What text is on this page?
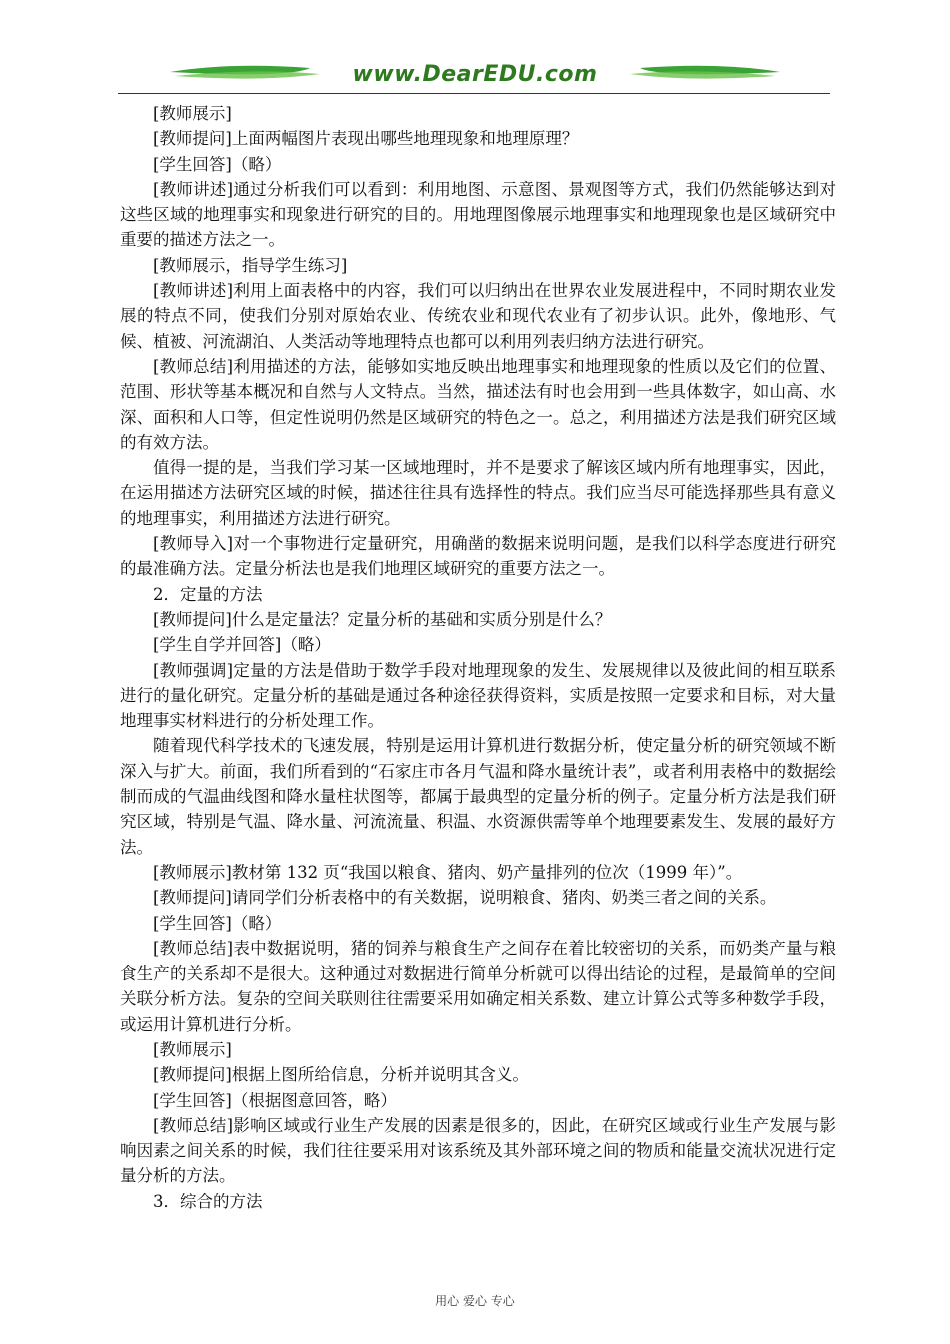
www.DearEDU.com

[教师展示]

[教师提问]上面两幅图片表现出哪些地理现象和地理原理？

[学生回答]（略）

[教师讲述]通过分析我们可以看到：利用地图、示意图、景观图等方式，我们仍然能够达到对这些区域的地理事实和现象进行研究的目的。用地理图像展示地理事实和地理现象也是区域研究中重要的描述方法之一。

[教师展示，指导学生练习]

[教师讲述]利用上面表格中的内容，我们可以归纳出在世界农业发展进程中，不同时期农业发展的特点不同，使我们分别对原始农业、传统农业和现代农业有了初步认识。此外，像地形、气候、植被、河流湖泊、人类活动等地理特点也都可以利用列表归纳方法进行研究。

[教师总结]利用描述的方法，能够如实地反映出地理事实和地理现象的性质以及它们的位置、范围、形状等基本概况和自然与人文特点。当然，描述法有时也会用到一些具体数字，如山高、水深、面积和人口等，但定性说明仍然是区域研究的特色之一。总之，利用描述方法是我们研究区域的有效方法。

值得一提的是，当我们学习某一区域地理时，并不是要求了解该区域内所有地理事实，因此，在运用描述方法研究区域的时候，描述往往具有选择性的特点。我们应当尽可能选择那些具有意义的地理事实，利用描述方法进行研究。

[教师导入]对一个事物进行定量研究，用确凿的数据来说明问题，是我们以科学态度进行研究的最准确方法。定量分析法也是我们地理区域研究的重要方法之一。

2．定量的方法

[教师提问]什么是定量法？定量分析的基础和实质分别是什么？

[学生自学并回答]（略）

[教师强调]定量的方法是借助于数学手段对地理现象的发生、发展规律以及彼此间的相互联系进行的量化研究。定量分析的基础是通过各种途径获得资料，实质是按照一定要求和目标，对大量地理事实材料进行的分析处理工作。

随着现代科学技术的飞速发展，特别是运用计算机进行数据分析，使定量分析的研究领域不断深入与扩大。前面，我们所看到的“石家庄市各月气温和降水量统计表”，或者利用表格中的数据绘制而成的气温曲线图和降水量柱状图等，都属于最典型的定量分析的例子。定量分析方法是我们研究区域，特别是气温、降水量、河流流量、积温、水资源供需等单个地理要素发生、发展的最好方法。

[教师展示]教材第 132 页“我国以粮食、猪肉、奶产量排列的位次（1999 年）”。

[教师提问]请同学们分析表格中的有关数据，说明粮食、猪肉、奶类三者之间的关系。

[学生回答]（略）

[教师总结]表中数据说明，猪的饲养与粮食生产之间存在着比较密切的关系，而奶类产量与粮食生产的关系却不是很大。这种通过对数据进行简单分析就可以得出结论的过程，是最简单的空间关联分析方法。复杂的空间关联则往往需要采用如确定相关系数、建立计算公式等多种数学手段，或运用计算机进行分析。

[教师展示]

[教师提问]根据上图所给信息，分析并说明其含义。

[学生回答]（根据图意回答，略）

[教师总结]影响区域或行业生产发展的因素是很多的，因此，在研究区域或行业生产发展与影响因素之间关系的时候，我们往往要采用对该系统及其外部环境之间的物质和能量交流状况进行定量分析的方法。

3．综合的方法

用心 爱心 专心
